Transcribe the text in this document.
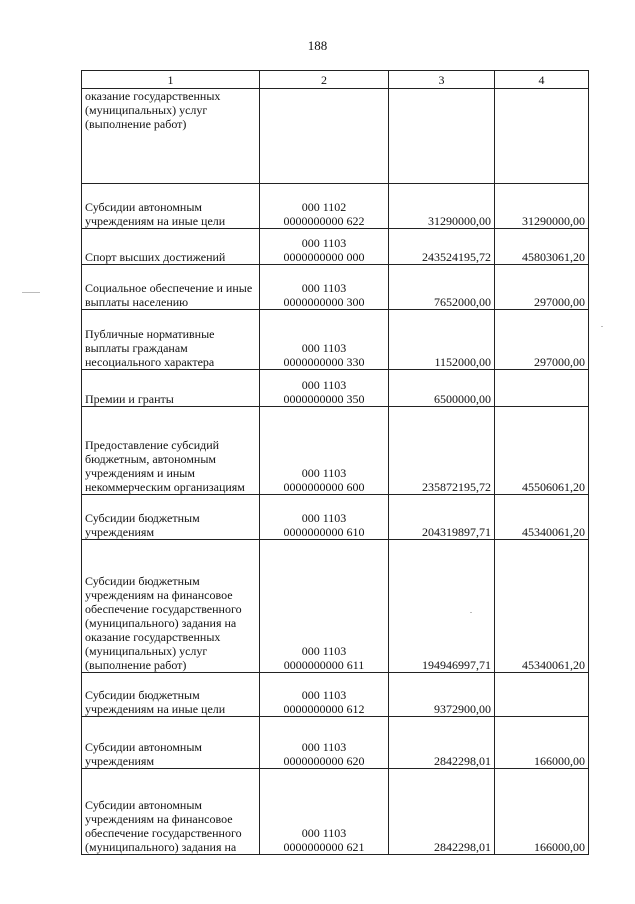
188
1	2	3	4
оказание государственных (муниципальных) услуг (выполнение работ)	

Субсидии автономным учреждениям на иные цели	000 1102
0000000000 622	31290000,00	31290000,00
Спорт высших достижений	000 1103
0000000000 000	243524195,72	45803061,20
Социальное обеспечение и иные выплаты населению	000 1103
0000000000 300	7652000,00	297000,00
Публичные нормативные выплаты гражданам несоциального характера	000 1103
0000000000 330	1152000,00	297000,00
Премии и гранты	000 1103
0000000000 350	6500000,00	
Предоставление субсидий бюджетным, автономным учреждениям и иным некоммерческим организациям	000 1103
0000000000 600	235872195,72	45506061,20
Субсидии бюджетным учреждениям	000 1103
0000000000 610	204319897,71	45340061,20
Субсидии бюджетным учреждениям на финансовое обеспечение государственного (муниципального) задания на оказание государственных (муниципальных) услуг (выполнение работ)	000 1103
0000000000 611	194946997,71	45340061,20
Субсидии бюджетным учреждениям на иные цели	000 1103
0000000000 612	9372900,00	
Субсидии автономным учреждениям	000 1103
0000000000 620	2842298,01	166000,00
Субсидии автономным учреждениям на финансовое обеспечение государственного (муниципального) задания на	000 1103
0000000000 621	2842298,01	166000,00
